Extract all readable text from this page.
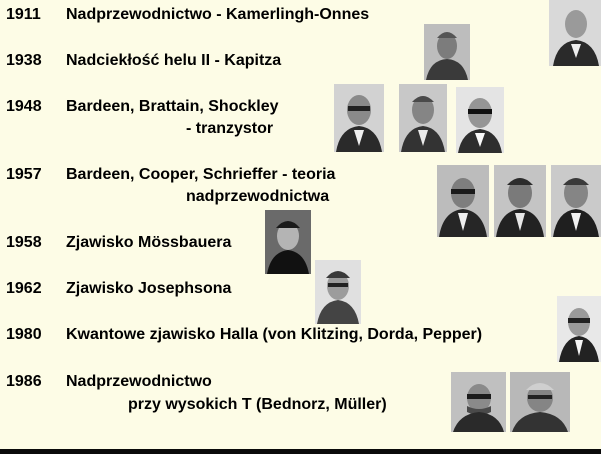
1911 Nadprzewodnictwo - Kamerlingh-Onnes
1938 Nadciekłość helu II - Kapitza
1948 Bardeen, Brattain, Shockley
- tranzystor
1957 Bardeen, Cooper, Schrieffer - teoria
nadprzewodnictwa
1958 Zjawisko Mössbauera
1962 Zjawisko Josephsona
1980 Kwantowe zjawisko Halla (von Klitzing, Dorda, Pepper)
1986 Nadprzewodnictwo
przy wysokich T (Bednorz, Müller)
